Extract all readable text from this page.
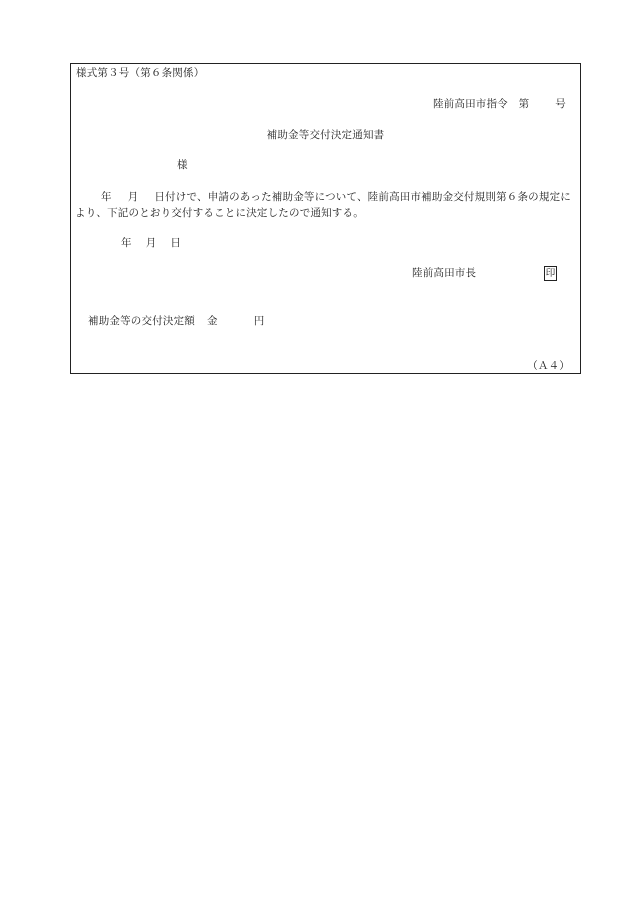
様式第３号（第６条関係）
陸前高田市指令　第 号
補助金等交付決定通知書
様
年 月 日付けで、申請のあった補助金等について、陸前高田市補助金交付規則第６条の規定により、下記のとおり交付することに決定したので通知する。
年 月 日
陸前高田市長	印
補助金等の交付決定額 金	円
（Ａ４）
